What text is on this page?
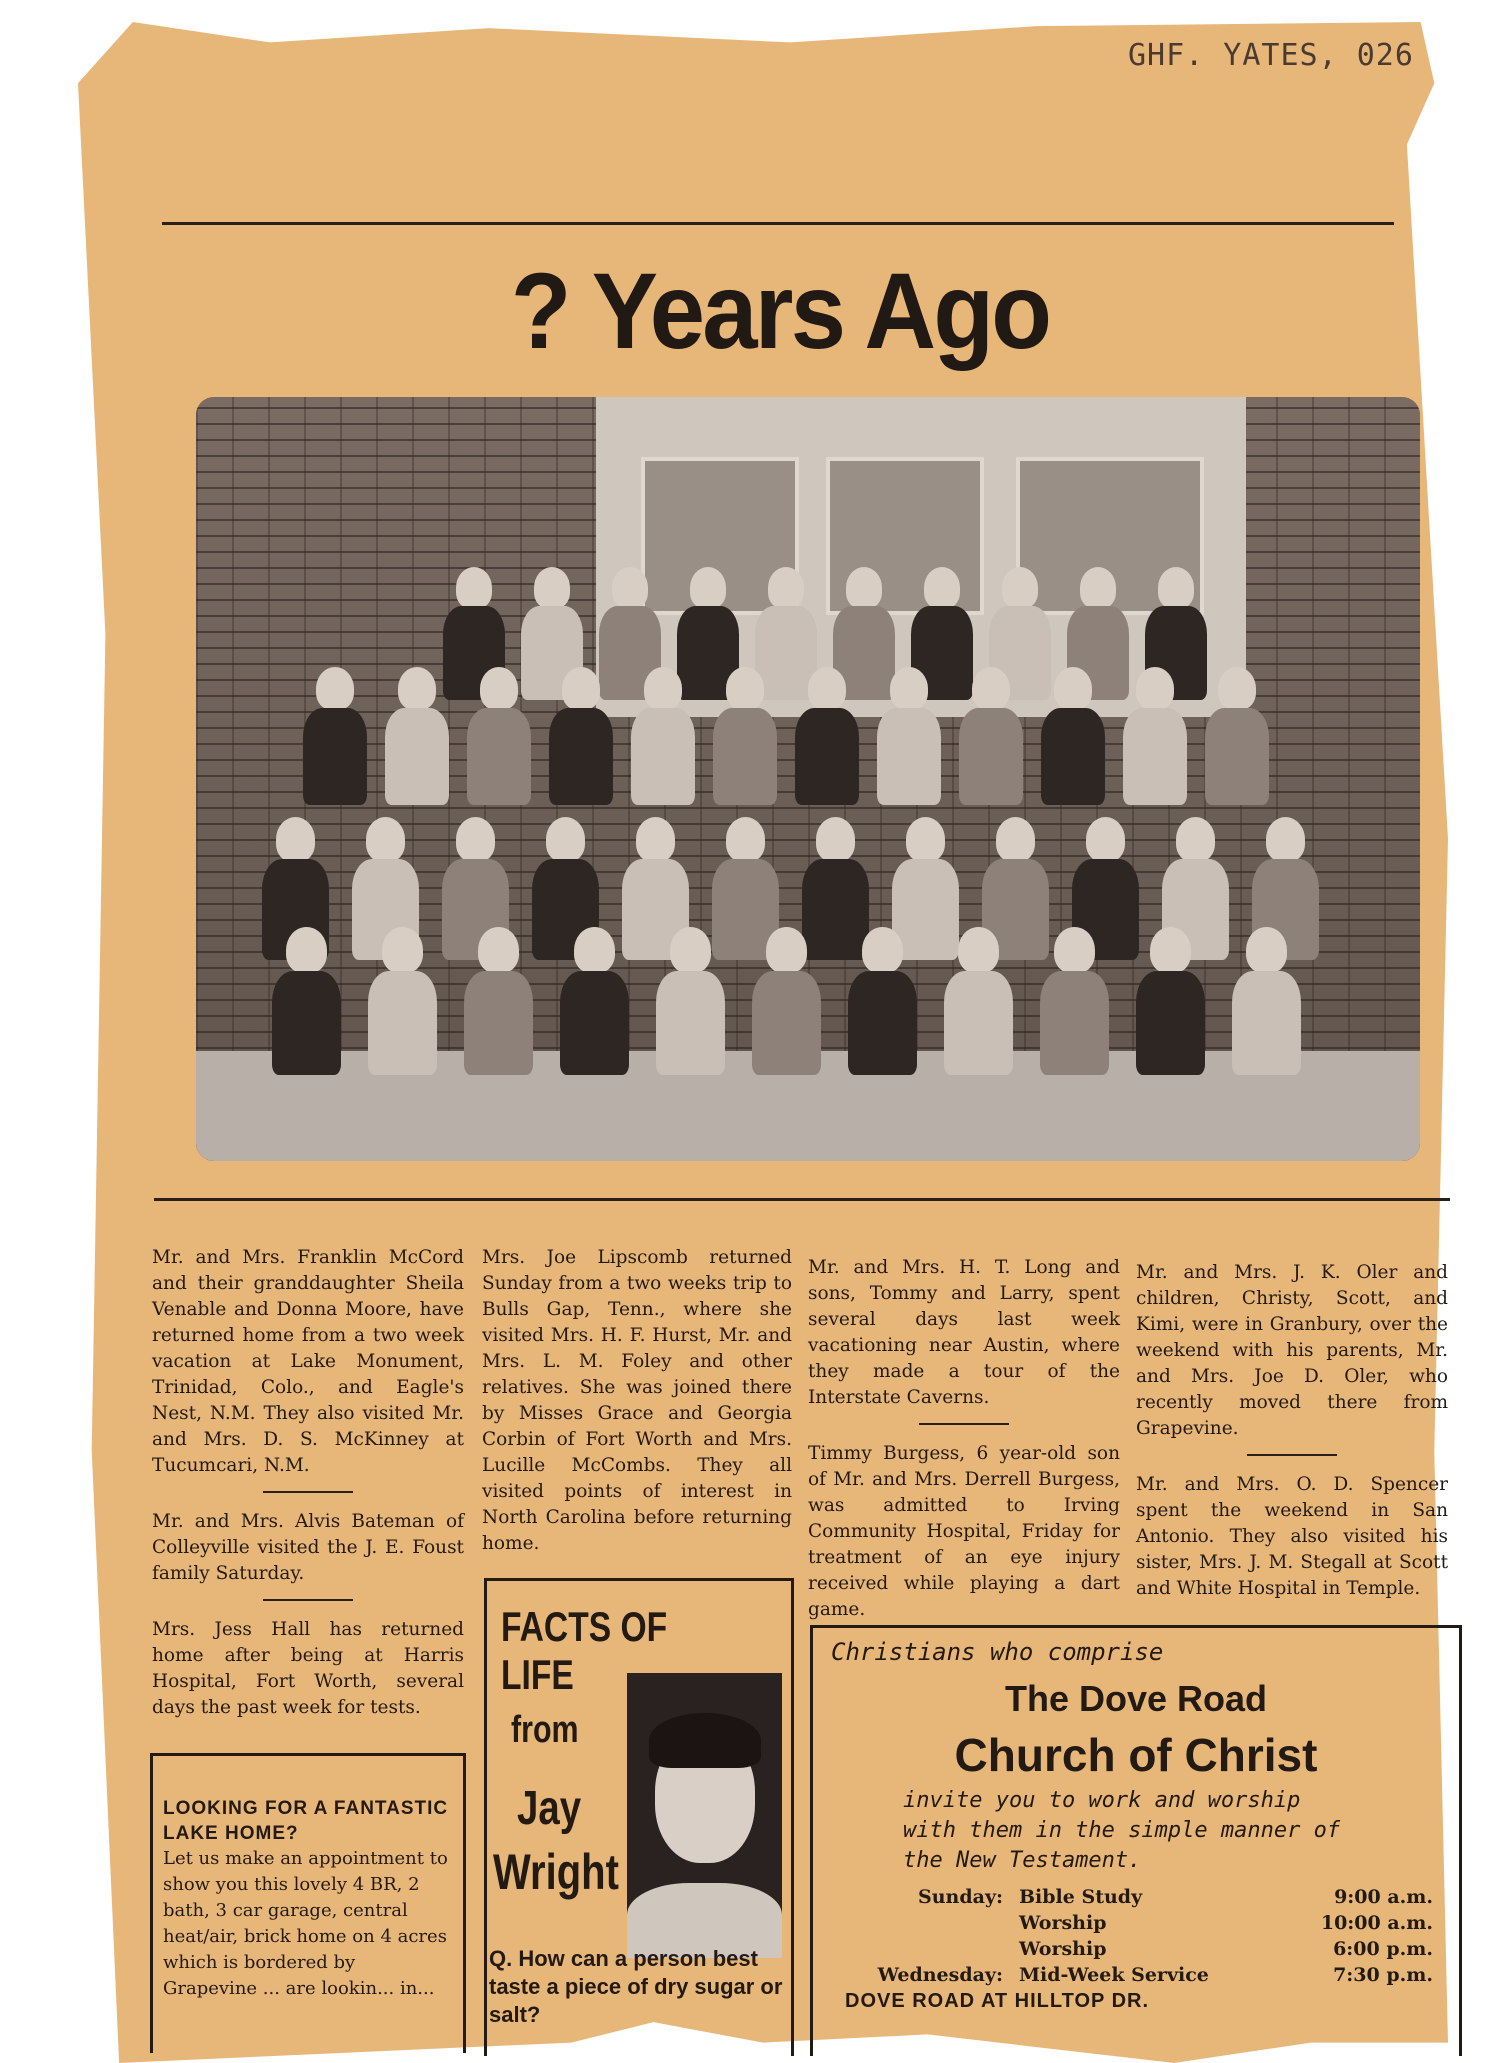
GHF. YATES, 026
? Years Ago

Mr. and Mrs. Franklin McCord and their granddaughter Sheila Venable and Donna Moore, have returned home from a two week vacation at Lake Monument, Trinidad, Colo., and Eagle's Nest, N.M. They also visited Mr. and Mrs. D. S. McKinney at Tucumcari, N.M.

Mr. and Mrs. Alvis Bateman of Colleyville visited the J. E. Foust family Saturday.

Mrs. Jess Hall has returned home after being at Harris Hospital, Fort Worth, several days the past week for tests.

Mrs. Joe Lipscomb returned Sunday from a two weeks trip to Bulls Gap, Tenn., where she visited Mrs. H. F. Hurst, Mr. and Mrs. L. M. Foley and other relatives. She was joined there by Misses Grace and Georgia Corbin of Fort Worth and Mrs. Lucille McCombs. They all visited points of interest in North Carolina before returning home.

Mr. and Mrs. H. T. Long and sons, Tommy and Larry, spent several days last week vacationing near Austin, where they made a tour of the Interstate Caverns.

Timmy Burgess, 6 year-old son of Mr. and Mrs. Derrell Burgess, was admitted to Irving Community Hospital, Friday for treatment of an eye injury received while playing a dart game.

Mr. and Mrs. J. K. Oler and children, Christy, Scott, and Kimi, were in Granbury, over the weekend with his parents, Mr. and Mrs. Joe D. Oler, who recently moved there from Grapevine.

Mr. and Mrs. O. D. Spencer spent the weekend in San Antonio. They also visited his sister, Mrs. J. M. Stegall at Scott and White Hospital in Temple.

LOOKING FOR A FANTASTIC LAKE HOME?
Let us make an appointment to show you this lovely 4 BR, 2 bath, 3 car garage, central heat/air, brick home on 4 acres which is bordered by Grapevine ... are lookin... in...
FACTS OF LIFE
from
Jay
Wright
Q. How can a person best taste a piece of dry sugar or salt?
Christians who comprise
The Dove Road
Church of Christ
invite you to work and worship with them in the simple manner of the New Testament.
Sunday: Bible Study	9:00 a.m.
Worship	10:00 a.m.
Worship	6:00 p.m.
Wednesday: Mid-Week Service	7:30 p.m.
DOVE ROAD AT HILLTOP DR.
